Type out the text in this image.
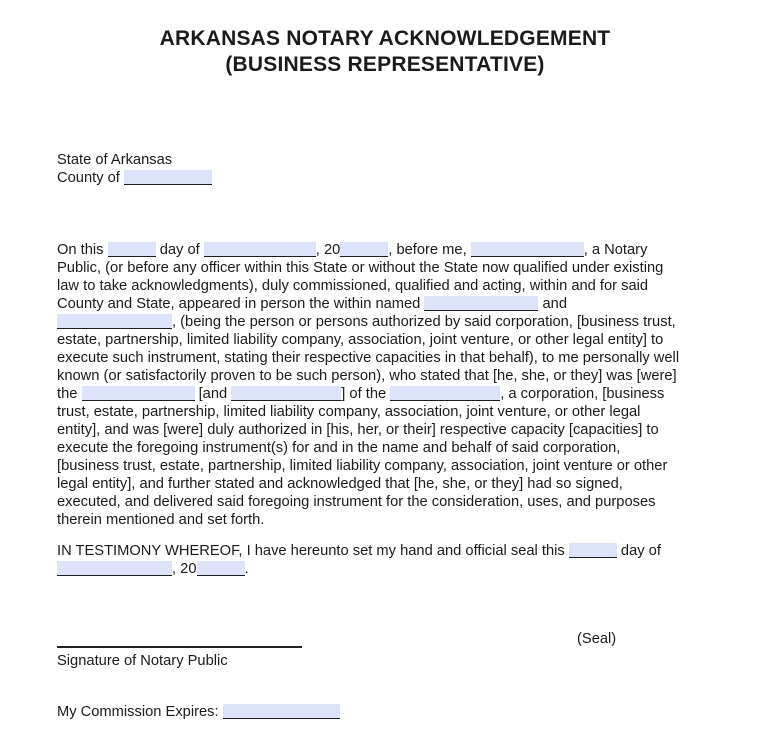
ARKANSAS NOTARY ACKNOWLEDGEMENT
(BUSINESS REPRESENTATIVE)
State of Arkansas
County of
On this	day of	, 20	, before me,	, a Notary
Public, (or before any officer within this State or without the State now qualified under existing
law to take acknowledgments), duly commissioned, qualified and acting, within and for said
County and State, appeared in person the within named	and
, (being the person or persons authorized by said corporation, [business trust,
estate, partnership, limited liability company, association, joint venture, or other legal entity] to
execute such instrument, stating their respective capacities in that behalf), to me personally well
known (or satisfactorily proven to be such person), who stated that [he, she, or they] was [were]
the	[and	] of the	, a corporation, [business
trust, estate, partnership, limited liability company, association, joint venture, or other legal
entity], and was [were] duly authorized in [his, her, or their] respective capacity [capacities] to
execute the foregoing instrument(s) for and in the name and behalf of said corporation,
[business trust, estate, partnership, limited liability company, association, joint venture or other
legal entity], and further stated and acknowledged that [he, she, or they] had so signed,
executed, and delivered said foregoing instrument for the consideration, uses, and purposes
therein mentioned and set forth.
IN TESTIMONY WHEREOF, I have hereunto set my hand and official seal this	day of
, 20	.
(Seal)
Signature of Notary Public
My Commission Expires:
